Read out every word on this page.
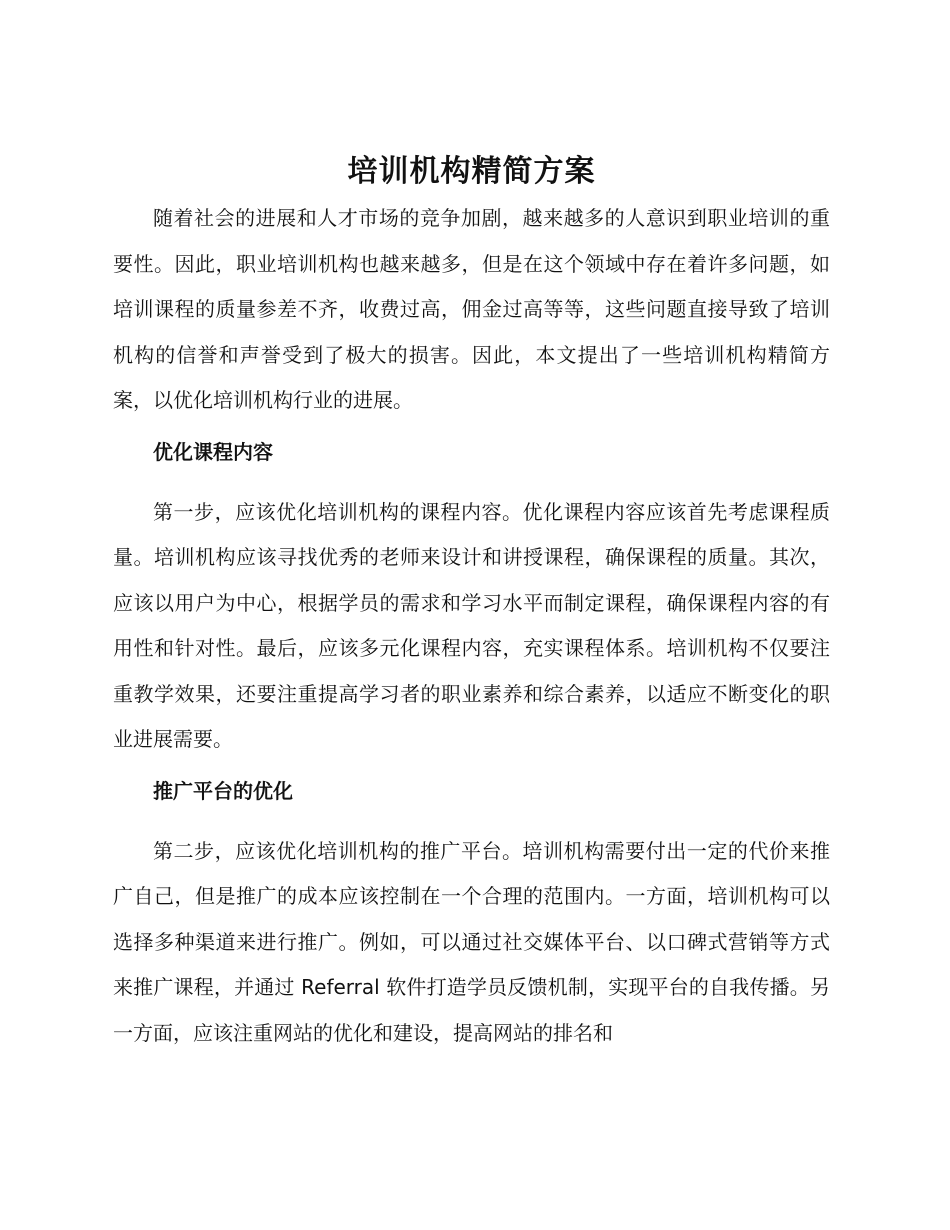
培训机构精简方案

随着社会的进展和人才市场的竞争加剧，越来越多的人意识到职业培训的重要性。因此，职业培训机构也越来越多，但是在这个领域中存在着许多问题，如培训课程的质量参差不齐，收费过高，佣金过高等等，这些问题直接导致了培训机构的信誉和声誉受到了极大的损害。因此，本文提出了一些培训机构精简方案，以优化培训机构行业的进展。

优化课程内容

第一步，应该优化培训机构的课程内容。优化课程内容应该首先考虑课程质量。培训机构应该寻找优秀的老师来设计和讲授课程，确保课程的质量。其次，应该以用户为中心，根据学员的需求和学习水平而制定课程，确保课程内容的有用性和针对性。最后，应该多元化课程内容，充实课程体系。培训机构不仅要注重教学效果，还要注重提高学习者的职业素养和综合素养，以适应不断变化的职业进展需要。

推广平台的优化

第二步，应该优化培训机构的推广平台。培训机构需要付出一定的代价来推广自己，但是推广的成本应该控制在一个合理的范围内。一方面，培训机构可以选择多种渠道来进行推广。例如，可以通过社交媒体平台、以口碑式营销等方式来推广课程，并通过 Referral 软件打造学员反馈机制，实现平台的自我传播。另一方面，应该注重网站的优化和建设，提高网站的排名和
